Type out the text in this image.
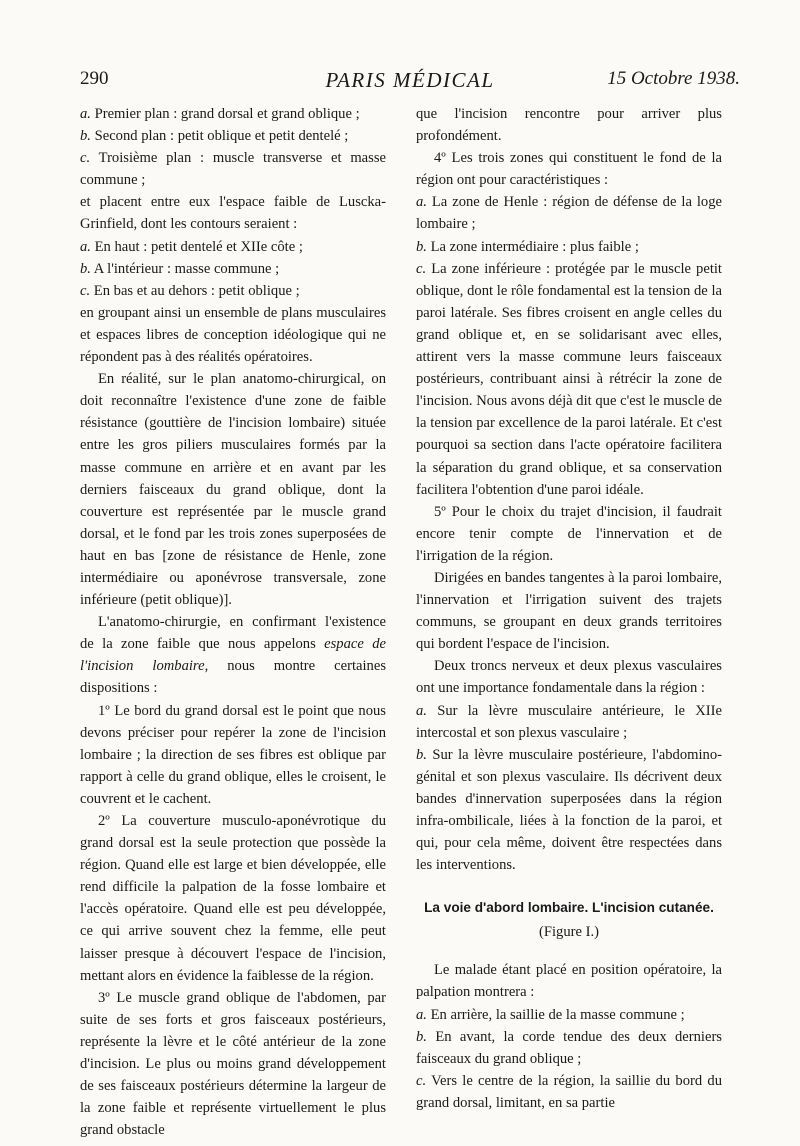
290	PARIS MÉDICAL	15 Octobre 1938.

a. Premier plan : grand dorsal et grand oblique ;

b. Second plan : petit oblique et petit dentelé ;

c. Troisième plan : muscle transverse et masse commune ;

et placent entre eux l'espace faible de Luscka-Grinfield, dont les contours seraient :

a. En haut : petit dentelé et XIIe côte ;

b. A l'intérieur : masse commune ;

c. En bas et au dehors : petit oblique ;

en groupant ainsi un ensemble de plans musculaires et espaces libres de conception idéologique qui ne répondent pas à des réalités opératoires.

En réalité, sur le plan anatomo-chirurgical, on doit reconnaître l'existence d'une zone de faible résistance (gouttière de l'incision lombaire) située entre les gros piliers musculaires formés par la masse commune en arrière et en avant par les derniers faisceaux du grand oblique, dont la couverture est représentée par le muscle grand dorsal, et le fond par les trois zones superposées de haut en bas [zone de résistance de Henle, zone intermédiaire ou aponévrose transversale, zone inférieure (petit oblique)].

L'anatomo-chirurgie, en confirmant l'existence de la zone faible que nous appelons espace de l'incision lombaire, nous montre certaines dispositions :

1º Le bord du grand dorsal est le point que nous devons préciser pour repérer la zone de l'incision lombaire ; la direction de ses fibres est oblique par rapport à celle du grand oblique, elles le croisent, le couvrent et le cachent.

2º La couverture musculo-aponévrotique du grand dorsal est la seule protection que possède la région. Quand elle est large et bien développée, elle rend difficile la palpation de la fosse lombaire et l'accès opératoire. Quand elle est peu développée, ce qui arrive souvent chez la femme, elle peut laisser presque à découvert l'espace de l'incision, mettant alors en évidence la faiblesse de la région.

3º Le muscle grand oblique de l'abdomen, par suite de ses forts et gros faisceaux postérieurs, représente la lèvre et le côté antérieur de la zone d'incision. Le plus ou moins grand développement de ses faisceaux postérieurs détermine la largeur de la zone faible et représente virtuellement le plus grand obstacle

que l'incision rencontre pour arriver plus profondément.

4º Les trois zones qui constituent le fond de la région ont pour caractéristiques :

a. La zone de Henle : région de défense de la loge lombaire ;

b. La zone intermédiaire : plus faible ;

c. La zone inférieure : protégée par le muscle petit oblique, dont le rôle fondamental est la tension de la paroi latérale. Ses fibres croisent en angle celles du grand oblique et, en se solidarisant avec elles, attirent vers la masse commune leurs faisceaux postérieurs, contribuant ainsi à rétrécir la zone de l'incision. Nous avons déjà dit que c'est le muscle de la tension par excellence de la paroi latérale. Et c'est pourquoi sa section dans l'acte opératoire facilitera la séparation du grand oblique, et sa conservation facilitera l'obtention d'une paroi idéale.

5º Pour le choix du trajet d'incision, il faudrait encore tenir compte de l'innervation et de l'irrigation de la région.

Dirigées en bandes tangentes à la paroi lombaire, l'innervation et l'irrigation suivent des trajets communs, se groupant en deux grands territoires qui bordent l'espace de l'incision.

Deux troncs nerveux et deux plexus vasculaires ont une importance fondamentale dans la région :

a. Sur la lèvre musculaire antérieure, le XIIe intercostal et son plexus vasculaire ;

b. Sur la lèvre musculaire postérieure, l'abdomino-génital et son plexus vasculaire. Ils décrivent deux bandes d'innervation superposées dans la région infra-ombilicale, liées à la fonction de la paroi, et qui, pour cela même, doivent être respectées dans les interventions.

La voie d'abord lombaire. L'incision cutanée.
(Figure I.)

Le malade étant placé en position opératoire, la palpation montrera :

a. En arrière, la saillie de la masse commune ;

b. En avant, la corde tendue des deux derniers faisceaux du grand oblique ;

c. Vers le centre de la région, la saillie du bord du grand dorsal, limitant, en sa partie
